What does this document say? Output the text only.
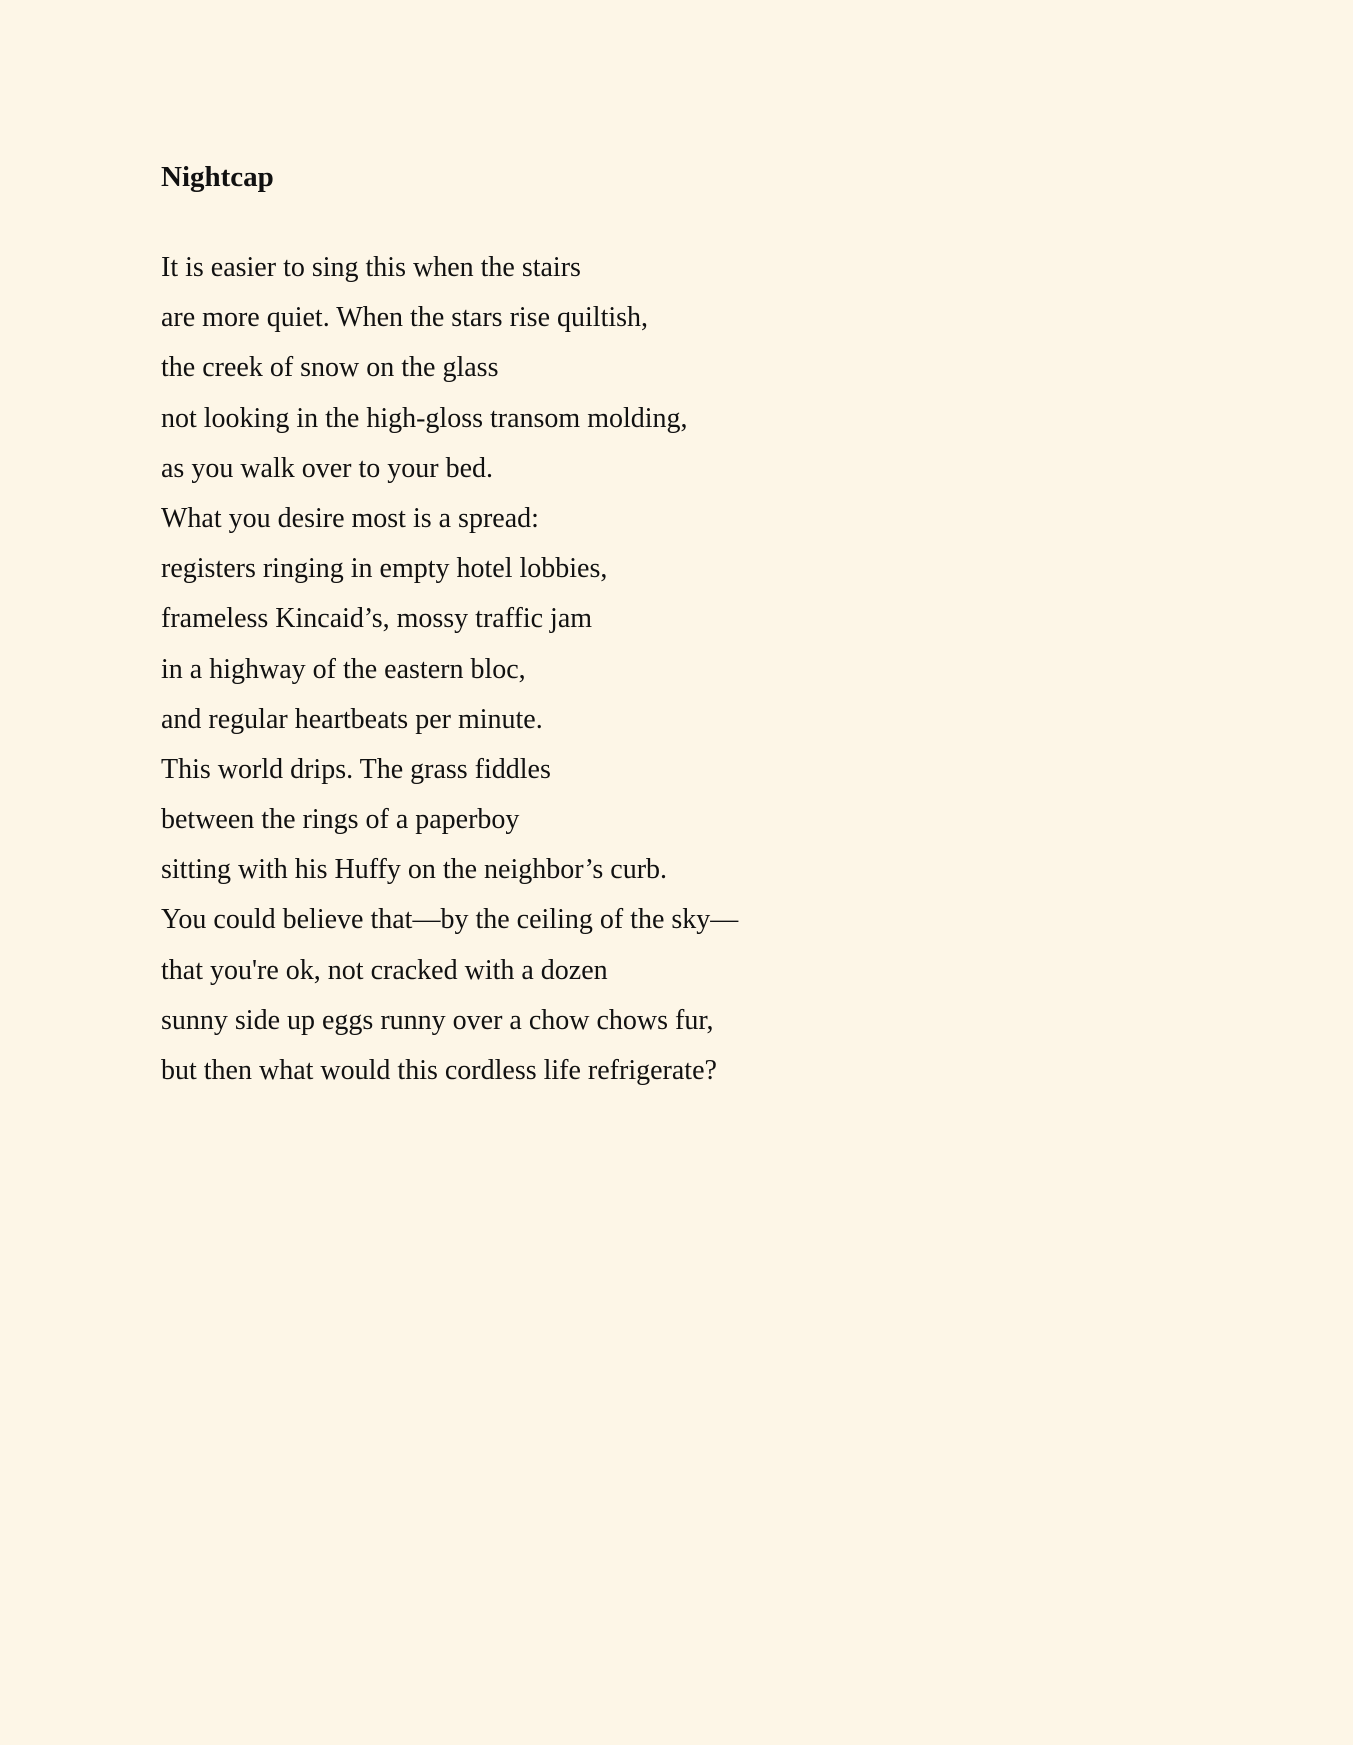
Nightcap
It is easier to sing this when the stairs
are more quiet. When the stars rise quiltish,
the creek of snow on the glass
not looking in the high-gloss transom molding,
as you walk over to your bed.
What you desire most is a spread:
registers ringing in empty hotel lobbies,
frameless Kincaid’s, mossy traffic jam
in a highway of the eastern bloc,
and regular heartbeats per minute.
This world drips. The grass fiddles
between the rings of a paperboy
sitting with his Huffy on the neighbor’s curb.
You could believe that—by the ceiling of the sky—
that you're ok, not cracked with a dozen
sunny side up eggs runny over a chow chows fur,
but then what would this cordless life refrigerate?
